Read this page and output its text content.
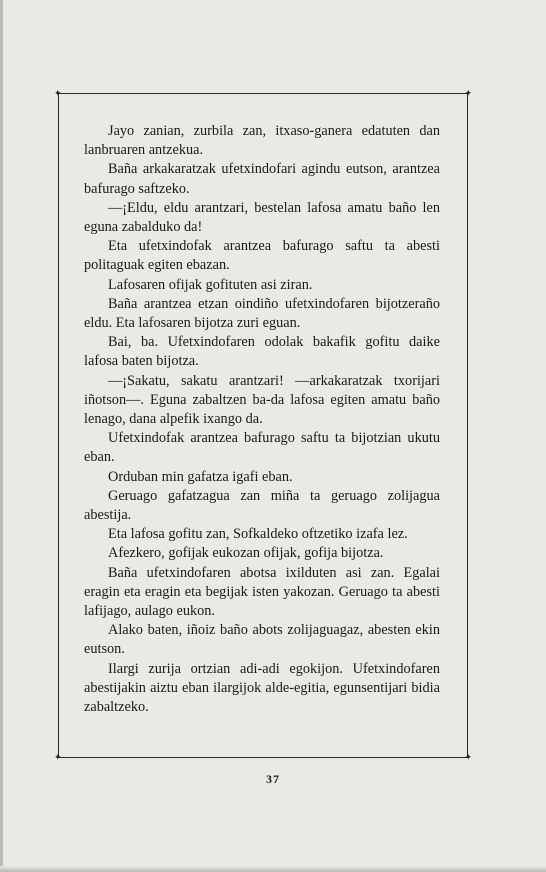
✦	✦
✦	✦

Jayo zanian, zurbila zan, itxaso-ganera edatuten dan lanbruaren antzekua.

Baña arkakaratzak ufetxindofari agindu eutson, arantzea bafurago saftzeko.

—¡Eldu, eldu arantzari, bestelan lafosa amatu baño len eguna zabalduko da!

Eta ufetxindofak arantzea bafurago saftu ta abesti politaguak egiten ebazan.

Lafosaren ofijak gofituten asi ziran.

Baña arantzea etzan oindiño ufetxindofaren bijotzeraño eldu. Eta lafosaren bijotza zuri eguan.

Bai, ba. Ufetxindofaren odolak bakafik gofitu daike lafosa baten bijotza.

—¡Sakatu, sakatu arantzari! —arkakaratzak txorijari iñotson—. Eguna zabaltzen ba-da lafosa egiten amatu baño lenago, dana alpefik ixango da.

Ufetxindofak arantzea bafurago saftu ta bijotzian ukutu eban.

Orduban min gafatza igafi eban.

Geruago gafatzagua zan miña ta geruago zolijagua abestija.

Eta lafosa gofitu zan, Sofkaldeko oftzetiko izafa lez.

Afezkero, gofijak eukozan ofijak, gofija bijotza.

Baña ufetxindofaren abotsa ixilduten asi zan. Egalai eragin eta eragin eta begijak isten yakozan. Geruago ta abesti lafijago, aulago eukon.

Alako baten, iñoiz baño abots zolijaguagaz, abesten ekin eutson.

Ilargi zurija ortzian adi-adi egokijon. Ufetxindofaren abestijakin aiztu eban ilargijok alde-egitia, egunsentijari bidia zabaltzeko.

37
